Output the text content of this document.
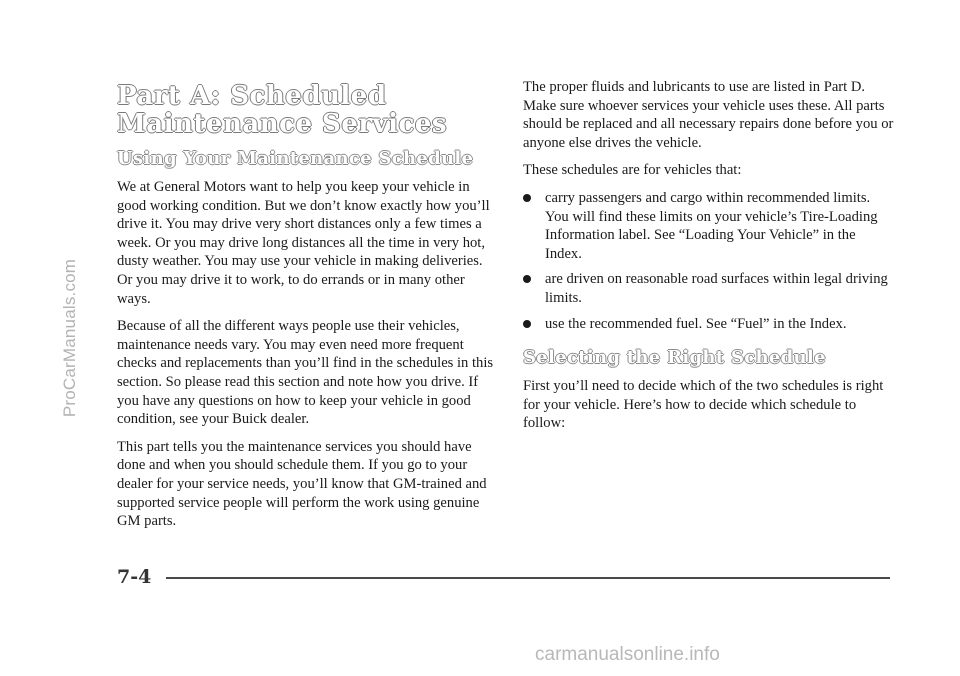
ProCarManuals.com
Part A: Scheduled
Maintenance Services
Using Your Maintenance Schedule

We at General Motors want to help you keep your vehicle in good working condition. But we don’t know exactly how you’ll drive it. You may drive very short distances only a few times a week. Or you may drive long distances all the time in very hot, dusty weather. You may use your vehicle in making deliveries. Or you may drive it to work, to do errands or in many other ways.

Because of all the different ways people use their vehicles, maintenance needs vary. You may even need more frequent checks and replacements than you’ll find in the schedules in this section. So please read this section and note how you drive. If you have any questions on how to keep your vehicle in good condition, see your Buick dealer.

This part tells you the maintenance services you should have done and when you should schedule them. If you go to your dealer for your service needs, you’ll know that GM-trained and supported service people will perform the work using genuine GM parts.

The proper fluids and lubricants to use are listed in Part D. Make sure whoever services your vehicle uses these. All parts should be replaced and all necessary repairs done before you or anyone else drives the vehicle.

These schedules are for vehicles that:

carry passengers and cargo within recommended limits. You will find these limits on your vehicle’s Tire-Loading Information label. See “Loading Your Vehicle” in the Index.
are driven on reasonable road surfaces within legal driving limits.
use the recommended fuel. See “Fuel” in the Index.
Selecting the Right Schedule

First you’ll need to decide which of the two schedules is right for your vehicle. Here’s how to decide which schedule to follow:

7-4
carmanualsonline.info
